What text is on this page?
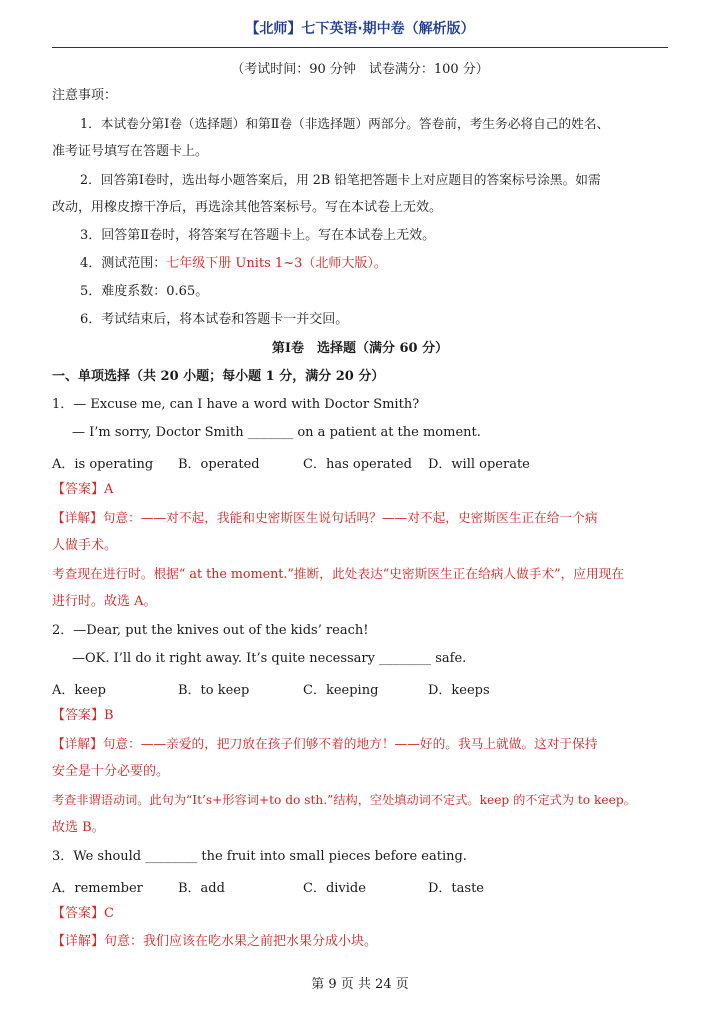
【北师】七下英语·期中卷（解析版）
（考试时间：90 分钟　试卷满分：100 分）
注意事项：
1．本试卷分第Ⅰ卷（选择题）和第Ⅱ卷（非选择题）两部分。答卷前，考生务必将自己的姓名、
准考证号填写在答题卡上。
2．回答第Ⅰ卷时，选出每小题答案后，用 2B 铅笔把答题卡上对应题目的答案标号涂黑。如需
改动，用橡皮擦干净后，再选涂其他答案标号。写在本试卷上无效。
3．回答第Ⅱ卷时，将答案写在答题卡上。写在本试卷上无效。
4．测试范围：七年级下册 Units 1~3（北师大版）。
5．难度系数：0.65。
6．考试结束后，将本试卷和答题卡一并交回。
第Ⅰ卷　选择题（满分 60 分）
一、单项选择（共 20 小题；每小题 1 分，满分 20 分）
1．— Excuse me, can I have a word with Doctor Smith?
— I’m sorry, Doctor Smith _______ on a patient at the moment.
A．is operating B．operated	C．has operated D．will operate
【答案】A
【详解】句意：——对不起，我能和史密斯医生说句话吗？——对不起，史密斯医生正在给一个病
人做手术。
考查现在进行时。根据“ at the moment.”推断，此处表达“史密斯医生正在给病人做手术”，应用现在
进行时。故选 A。
2．—Dear, put the knives out of the kids’ reach!
—OK. I’ll do it right away. It’s quite necessary ________ safe.
A．keep	B．to keep	C．keeping	D．keeps
【答案】B
【详解】句意：——亲爱的，把刀放在孩子们够不着的地方！——好的。我马上就做。这对于保持
安全是十分必要的。
考查非谓语动词。此句为“It’s+形容词+to do sth.”结构，空处填动词不定式。keep 的不定式为 to keep。
故选 B。
3．We should ________ the fruit into small pieces before eating.
A．remember	B．add	C．divide	D．taste
【答案】C
【详解】句意：我们应该在吃水果之前把水果分成小块。
第 9 页 共 24 页
